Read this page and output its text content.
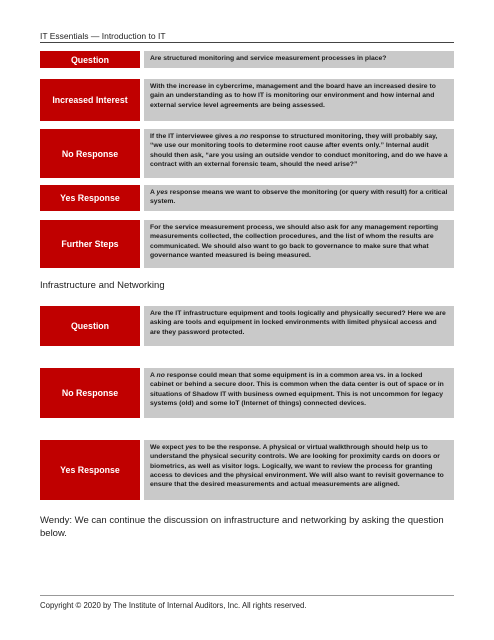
IT Essentials — Introduction to IT
Question	Are structured monitoring and service measurement processes in place?
Increased Interest
With the increase in cybercrime, management and the board have an increased desire to gain an understanding as to how IT is monitoring our environment and how internal and external service level agreements are being assessed.
No Response
If the IT interviewee gives a no response to structured monitoring, they will probably say, “we use our monitoring tools to determine root cause after events only.” Internal audit should then ask, “are you using an outside vendor to conduct monitoring, and do we have a contract with an external forensic team, should the need arise?”
Yes Response
A yes response means we want to observe the monitoring (or query with result) for a critical system.
Further Steps
For the service measurement process, we should also ask for any management reporting measurements collected, the collection procedures, and the list of whom the results are communicated. We should also want to go back to governance to make sure that what governance wanted measured is being measured.
Infrastructure and Networking
Question
Are the IT infrastructure equipment and tools logically and physically secured? Here we are asking are tools and equipment in locked environments with limited physical access and are they password protected.
No Response
A no response could mean that some equipment is in a common area vs. in a locked cabinet or behind a secure door. This is common when the data center is out of space or in situations of Shadow IT with business owned equipment. This is not uncommon for legacy systems (old) and some IoT (Internet of things) connected devices.
Yes Response
We expect yes to be the response. A physical or virtual walkthrough should help us to understand the physical security controls. We are looking for proximity cards on doors or biometrics, as well as visitor logs. Logically, we want to review the process for granting access to devices and the physical environment. We will also want to revisit governance to ensure that the desired measurements and actual measurements are aligned.
Wendy: We can continue the discussion on infrastructure and networking by asking the question below.
Copyright © 2020 by The Institute of Internal Auditors, Inc. All rights reserved.
